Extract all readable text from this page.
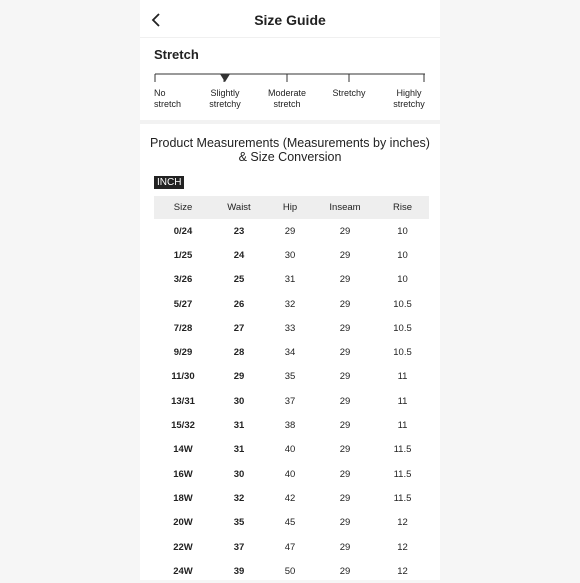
Size Guide
Stretch
No
stretch
Slightly
stretchy
Moderate
stretch
Stretchy	Highly
stretchy
Product Measurements (Measurements by inches) & Size Conversion
INCH
Size	Waist	Hip	Inseam	Rise
0/24	23	29	29	10
1/25	24	30	29	10
3/26	25	31	29	10
5/27	26	32	29	10.5
7/28	27	33	29	10.5
9/29	28	34	29	10.5
11/30	29	35	29	11
13/31	30	37	29	11
15/32	31	38	29	11
14W	31	40	29	11.5
16W	30	40	29	11.5
18W	32	42	29	11.5
20W	35	45	29	12
22W	37	47	29	12
24W	39	50	29	12
